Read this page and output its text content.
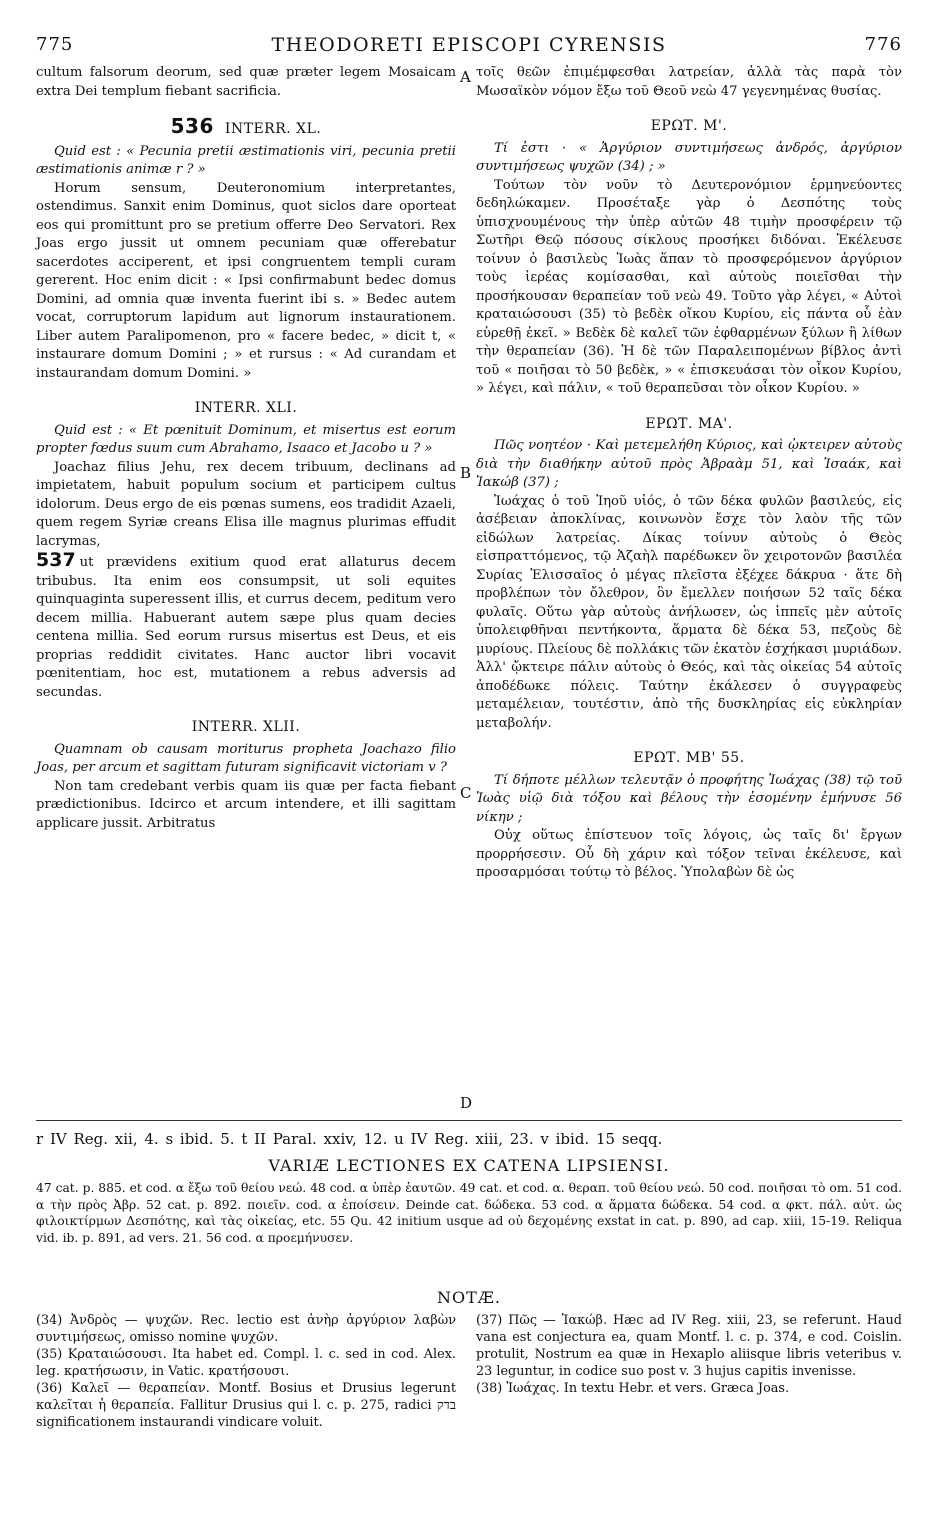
775	THEODORETI EPISCOPI CYRENSIS	776

cultum falsorum deorum, sed quæ præter legem Mosaicam extra Dei templum fiebant sacrificia.

536 INTERR. XL.

Quid est : « Pecunia pretii æstimationis viri, pecunia pretii æstimationis animæ r ? »

Horum sensum, Deuteronomium interpretantes, ostendimus. Sanxit enim Dominus, quot siclos dare oporteat eos qui promittunt pro se pretium offerre Deo Servatori. Rex Joas ergo jussit ut omnem pecuniam quæ offerebatur sacerdotes acciperent, et ipsi congruentem templi curam gererent. Hoc enim dicit : « Ipsi confirmabunt bedec domus Domini, ad omnia quæ inventa fuerint ibi s. » Bedec autem vocat, corruptorum lapidum aut lignorum instaurationem. Liber autem Paralipomenon, pro « facere bedec, » dicit t, « instaurare domum Domini ; » et rursus : « Ad curandam et instaurandam domum Domini. »

INTERR. XLI.

Quid est : « Et pœnituit Dominum, et misertus est eorum propter fœdus suum cum Abrahamo, Isaaco et Jacobo u ? »

Joachaz filius Jehu, rex decem tribuum, declinans ad impietatem, habuit populum socium et participem cultus idolorum. Deus ergo de eis pœnas sumens, eos tradidit Azaeli, quem regem Syriæ creans Elisa ille magnus plurimas effudit lacrymas,
537 ut prævidens exitium quod erat allaturus decem tribubus. Ita enim eos consumpsit, ut soli equites quinquaginta superessent illis, et currus decem, peditum vero decem millia. Habuerant autem sæpe plus quam decies centena millia. Sed eorum rursus misertus est Deus, et eis proprias reddidit civitates. Hanc auctor libri vocavit pœnitentiam, hoc est, mutationem a rebus adversis ad secundas.

INTERR. XLII.

Quamnam ob causam moriturus propheta Joachazo filio Joas, per arcum et sagittam futuram significavit victoriam v ?

Non tam credebant verbis quam iis quæ per facta fiebant prædictionibus. Idcirco et arcum intendere, et illi sagittam applicare jussit. Arbitratus

τοῖς θεῶν ἐπιμέμφεσθαι λατρείαν, ἀλλὰ τὰς παρὰ τὸν Μωσαϊκὸν νόμον ἔξω τοῦ Θεοῦ νεὼ 47 γεγενημένας θυσίας.

ΕΡΩΤ. Μ'.

Τί ἐστι · « Ἀργύριον συντιμήσεως ἀνδρός, ἀργύριον συντιμήσεως ψυχῶν (34) ; »

Τούτων τὸν νοῦν τὸ Δευτερονόμιον ἑρμηνεύοντες δεδηλώκαμεν. Προσέταξε γὰρ ὁ Δεσπότης τοὺς ὑπισχνουμένους τὴν ὑπὲρ αὐτῶν 48 τιμὴν προσφέρειν τῷ Σωτῆρι Θεῷ πόσους σίκλους προσήκει διδόναι. Ἐκέλευσε τοίνυν ὁ βασιλεὺς Ἰωὰς ἅπαν τὸ προσφερόμενον ἀργύριον τοὺς ἱερέας κομίσασθαι, καὶ αὐτοὺς ποιεῖσθαι τὴν προσήκουσαν θεραπείαν τοῦ νεὼ 49. Τοῦτο γὰρ λέγει, « Αὐτοὶ κραταιώσουσι (35) τὸ βεδὲκ οἴκου Κυρίου, εἰς πάντα οὗ ἐὰν εὑρεθῇ ἐκεῖ. » Βεδὲκ δὲ καλεῖ τῶν ἐφθαρμένων ξύλων ἢ λίθων τὴν θεραπείαν (36). Ἡ δὲ τῶν Παραλειπομένων βίβλος ἀντὶ τοῦ « ποιῆσαι τὸ 50 βεδὲκ, » « ἐπισκευάσαι τὸν οἶκον Κυρίου, » λέγει, καὶ πάλιν, « τοῦ θεραπεῦσαι τὸν οἶκον Κυρίου. »

ΕΡΩΤ. ΜΑ'.

Πῶς νοητέον · Καὶ μετεμελήθη Κύριος, καὶ ᾠκτειρεν αὐτοὺς διὰ τὴν διαθήκην αὐτοῦ πρὸς Ἀβραὰμ 51, καὶ Ἰσαάκ, καὶ Ἰακώβ (37) ;

Ἰωάχας ὁ τοῦ Ἰηοῦ υἱός, ὁ τῶν δέκα φυλῶν βασιλεύς, εἰς ἀσέβειαν ἀποκλίνας, κοινωνὸν ἔσχε τὸν λαὸν τῆς τῶν εἰδώλων λατρείας. Δίκας τοίνυν αὐτοὺς ὁ Θεὸς εἰσπραττόμενος, τῷ Ἀζαὴλ παρέδωκεν ὃν χειροτονῶν βασιλέα Συρίας Ἐλισσαῖος ὁ μέγας πλεῖστα ἐξέχεε δάκρυα · ἅτε δὴ προβλέπων τὸν ὄλεθρον, ὃν ἔμελλεν ποιήσων 52 ταῖς δέκα φυλαῖς. Οὕτω γὰρ αὐτοὺς ἀνήλωσεν, ὡς ἱππεῖς μὲν αὐτοῖς ὑπολειφθῆναι πεντήκοντα, ἅρματα δὲ δέκα 53, πεζοὺς δὲ μυρίους. Πλείους δὲ πολλάκις τῶν ἑκατὸν ἐσχήκασι μυριάδων. Ἀλλ' ᾤκτειρε πάλιν αὐτοὺς ὁ Θεός, καὶ τὰς οἰκείας 54 αὐτοῖς ἀποδέδωκε πόλεις. Ταύτην ἐκάλεσεν ὁ συγγραφεὺς μεταμέλειαν, τουτέστιν, ἀπὸ τῆς δυσκληρίας εἰς εὐκληρίαν μεταβολήν.

ΕΡΩΤ. ΜΒ' 55.

Τί δήποτε μέλλων τελευτᾷν ὁ προφήτης Ἰωάχας (38) τῷ τοῦ Ἰωὰς υἱῷ διὰ τόξου καὶ βέλους τὴν ἐσομένην ἐμήνυσε 56 νίκην ;

Οὐχ οὕτως ἐπίστευον τοῖς λόγοις, ὡς ταῖς δι' ἔργων προρρήσεσιν. Οὗ δὴ χάριν καὶ τόξον τεῖναι ἐκέλευσε, καὶ προσαρμόσαι τούτῳ τὸ βέλος. Ὑπολαβὼν δὲ ὡς

A
B
C
D
r IV Reg. xii, 4. s ibid. 5. t II Paral. xxiv, 12. u IV Reg. xiii, 23. v ibid. 15 seqq.
VARIÆ LECTIONES EX CATENA LIPSIENSI.
47 cat. p. 885. et cod. α ἔξω τοῦ θείου νεώ. 48 cod. α ὑπὲρ ἑαυτῶν. 49 cat. et cod. α. θεραπ. τοῦ θείου νεώ. 50 cod. ποιῆσαι τὸ οm. 51 cod. α τὴν πρὸς Ἀβρ. 52 cat. p. 892. ποιεῖν. cod. α ἐποίσειν. Deinde cat. δώδεκα. 53 cod. α ἅρματα δώδεκα. 54 cod. α φκτ. πάλ. αὐτ. ὡς φιλοικτίρμων Δεσπότης, καὶ τὰς οἰκείας, etc. 55 Qu. 42 initium usque ad οὐ δεχομένης exstat in cat. p. 890, ad cap. xiii, 15-19. Reliqua vid. ib. p. 891, ad vers. 21. 56 cod. α προεμήνυσεν.
NOTÆ.

(34) Ἀνδρὸς — ψυχῶν. Rec. lectio est ἀνὴρ ἀργύριον λαβὼν συντιμήσεως, omisso nomine ψυχῶν.

(35) Κραταιώσουσι. Ita habet ed. Compl. l. c. sed in cod. Alex. leg. κρατήσωσιν, in Vatic. κρατήσουσι.

(36) Καλεῖ — θεραπείαν. Montf. Bosius et Drusius legerunt καλεῖται ἡ θεραπεία. Fallitur Drusius qui l. c. p. 275, radici בדק significationem instaurandi vindicare voluit.

(37) Πῶς — Ἰακώβ. Hæc ad IV Reg. xiii, 23, se referunt. Haud vana est conjectura ea, quam Montf. l. c. p. 374, e cod. Coislin. protulit, Nostrum ea quæ in Hexaplo aliisque libris veteribus v. 23 leguntur, in codice suo post v. 3 hujus capitis invenisse.

(38) Ἰωάχας. In textu Hebr. et vers. Græca Joas.
